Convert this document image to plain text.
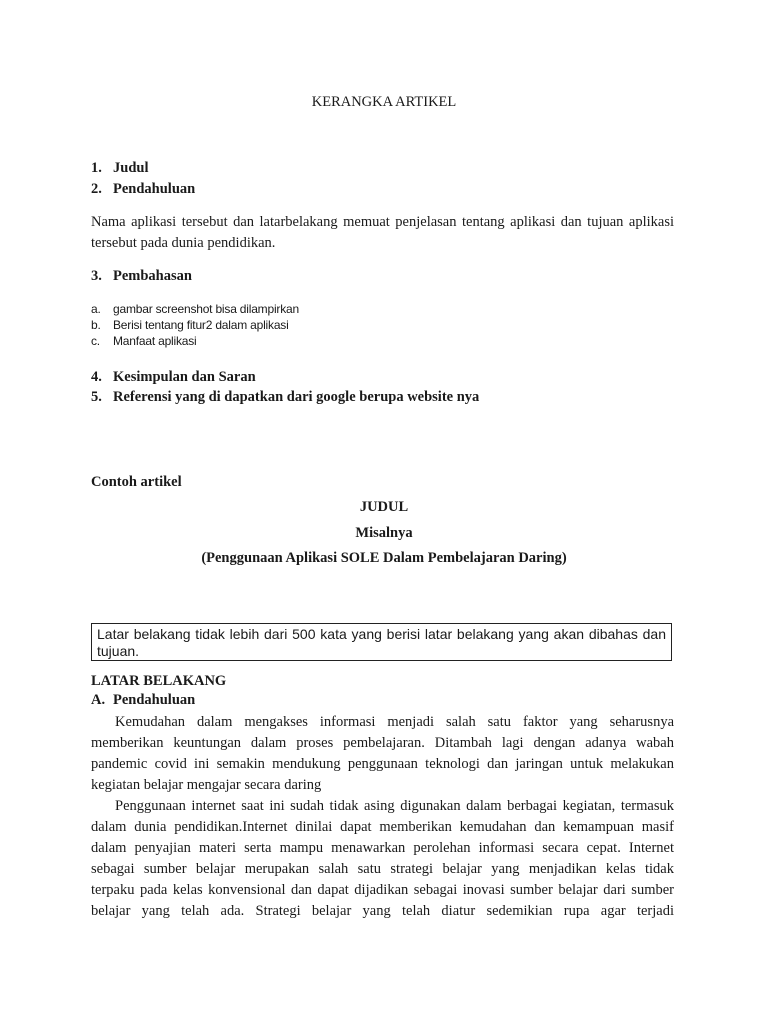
KERANGKA ARTIKEL
1. Judul
2. Pendahuluan
Nama aplikasi tersebut dan latarbelakang memuat penjelasan tentang aplikasi dan tujuan aplikasi
tersebut pada dunia pendidikan.
3. Pembahasan
a. gambar screenshot bisa dilampirkan
b. Berisi tentang fitur2 dalam aplikasi
c. Manfaat aplikasi
4. Kesimpulan dan Saran
5. Referensi yang di dapatkan dari google berupa website nya
Contoh artikel
JUDUL
Misalnya
(Penggunaan Aplikasi SOLE Dalam Pembelajaran Daring)
Latar belakang tidak lebih dari 500 kata yang berisi latar belakang yang akan dibahas dan
tujuan.
LATAR BELAKANG
A. Pendahuluan
Kemudahan dalam mengakses informasi menjadi salah satu faktor yang seharusnya
memberikan keuntungan dalam proses pembelajaran. Ditambah lagi dengan adanya wabah
pandemic covid ini semakin mendukung penggunaan teknologi dan jaringan untuk melakukan
kegiatan belajar mengajar secara daring
Penggunaan internet saat ini sudah tidak asing digunakan dalam berbagai kegiatan, termasuk
dalam dunia pendidikan.Internet dinilai dapat memberikan kemudahan dan kemampuan masif
dalam penyajian materi serta mampu menawarkan perolehan informasi secara cepat. Internet
sebagai sumber belajar merupakan salah satu strategi belajar yang menjadikan kelas tidak
terpaku pada kelas konvensional dan dapat dijadikan sebagai inovasi sumber belajar dari sumber
belajar yang telah ada. Strategi belajar yang telah diatur sedemikian rupa agar terjadi
